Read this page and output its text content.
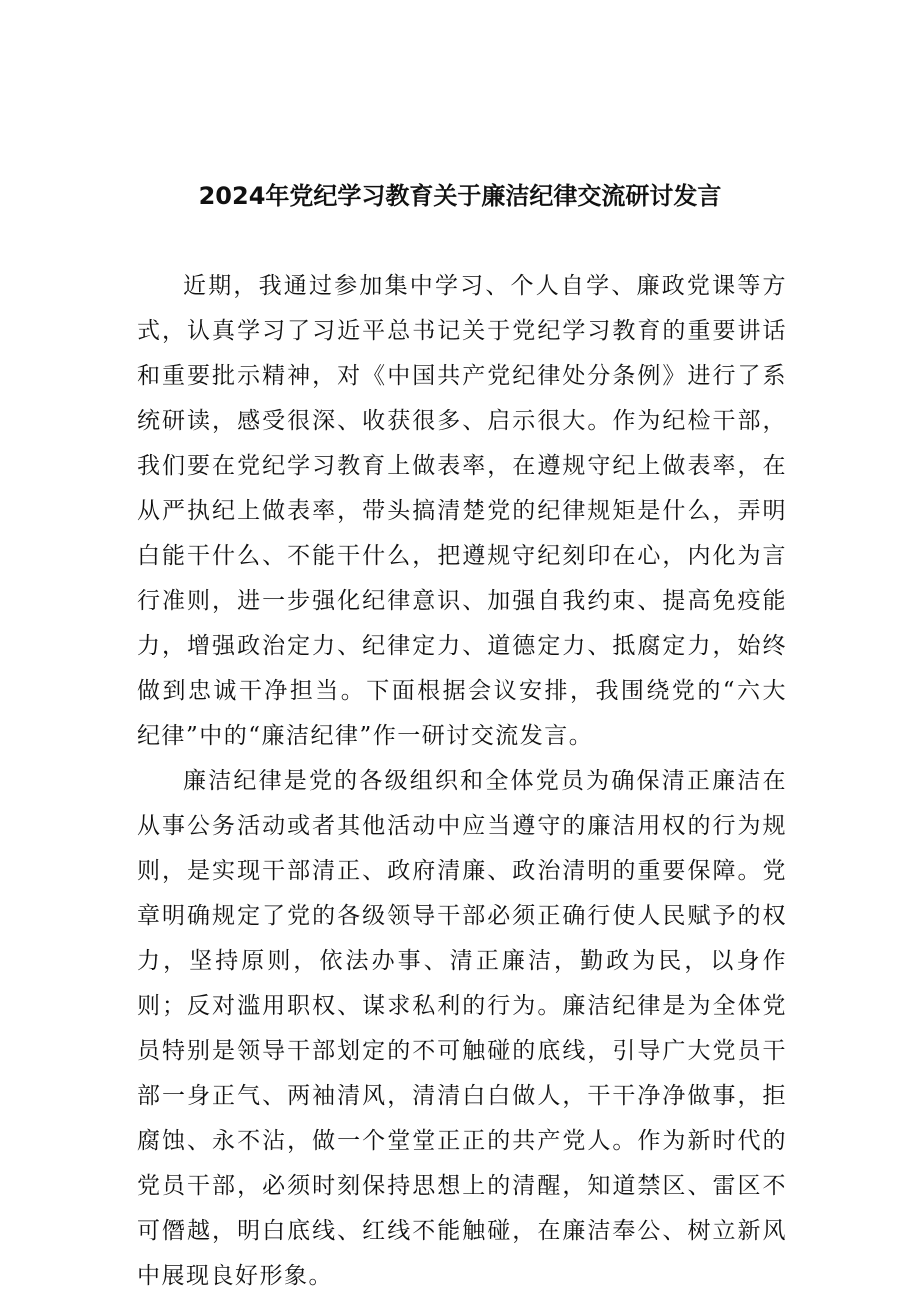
2024年党纪学习教育关于廉洁纪律交流研讨发言

近期，我通过参加集中学习、个人自学、廉政党课等方式，认真学习了习近平总书记关于党纪学习教育的重要讲话和重要批示精神，对《中国共产党纪律处分条例》进行了系统研读，感受很深、收获很多、启示很大。作为纪检干部，我们要在党纪学习教育上做表率，在遵规守纪上做表率，在从严执纪上做表率，带头搞清楚党的纪律规矩是什么，弄明白能干什么、不能干什么，把遵规守纪刻印在心，内化为言行准则，进一步强化纪律意识、加强自我约束、提高免疫能力，增强政治定力、纪律定力、道德定力、抵腐定力，始终做到忠诚干净担当。下面根据会议安排，我围绕党的“六大纪律”中的“廉洁纪律”作一研讨交流发言。

廉洁纪律是党的各级组织和全体党员为确保清正廉洁在从事公务活动或者其他活动中应当遵守的廉洁用权的行为规则，是实现干部清正、政府清廉、政治清明的重要保障。党章明确规定了党的各级领导干部必须正确行使人民赋予的权力，坚持原则，依法办事、清正廉洁，勤政为民，以身作则；反对滥用职权、谋求私利的行为。廉洁纪律是为全体党员特别是领导干部划定的不可触碰的底线，引导广大党员干部一身正气、两袖清风，清清白白做人，干干净净做事，拒腐蚀、永不沾，做一个堂堂正正的共产党人。作为新时代的党员干部，必须时刻保持思想上的清醒，知道禁区、雷区不可僭越，明白底线、红线不能触碰，在廉洁奉公、树立新风中展现良好形象。
